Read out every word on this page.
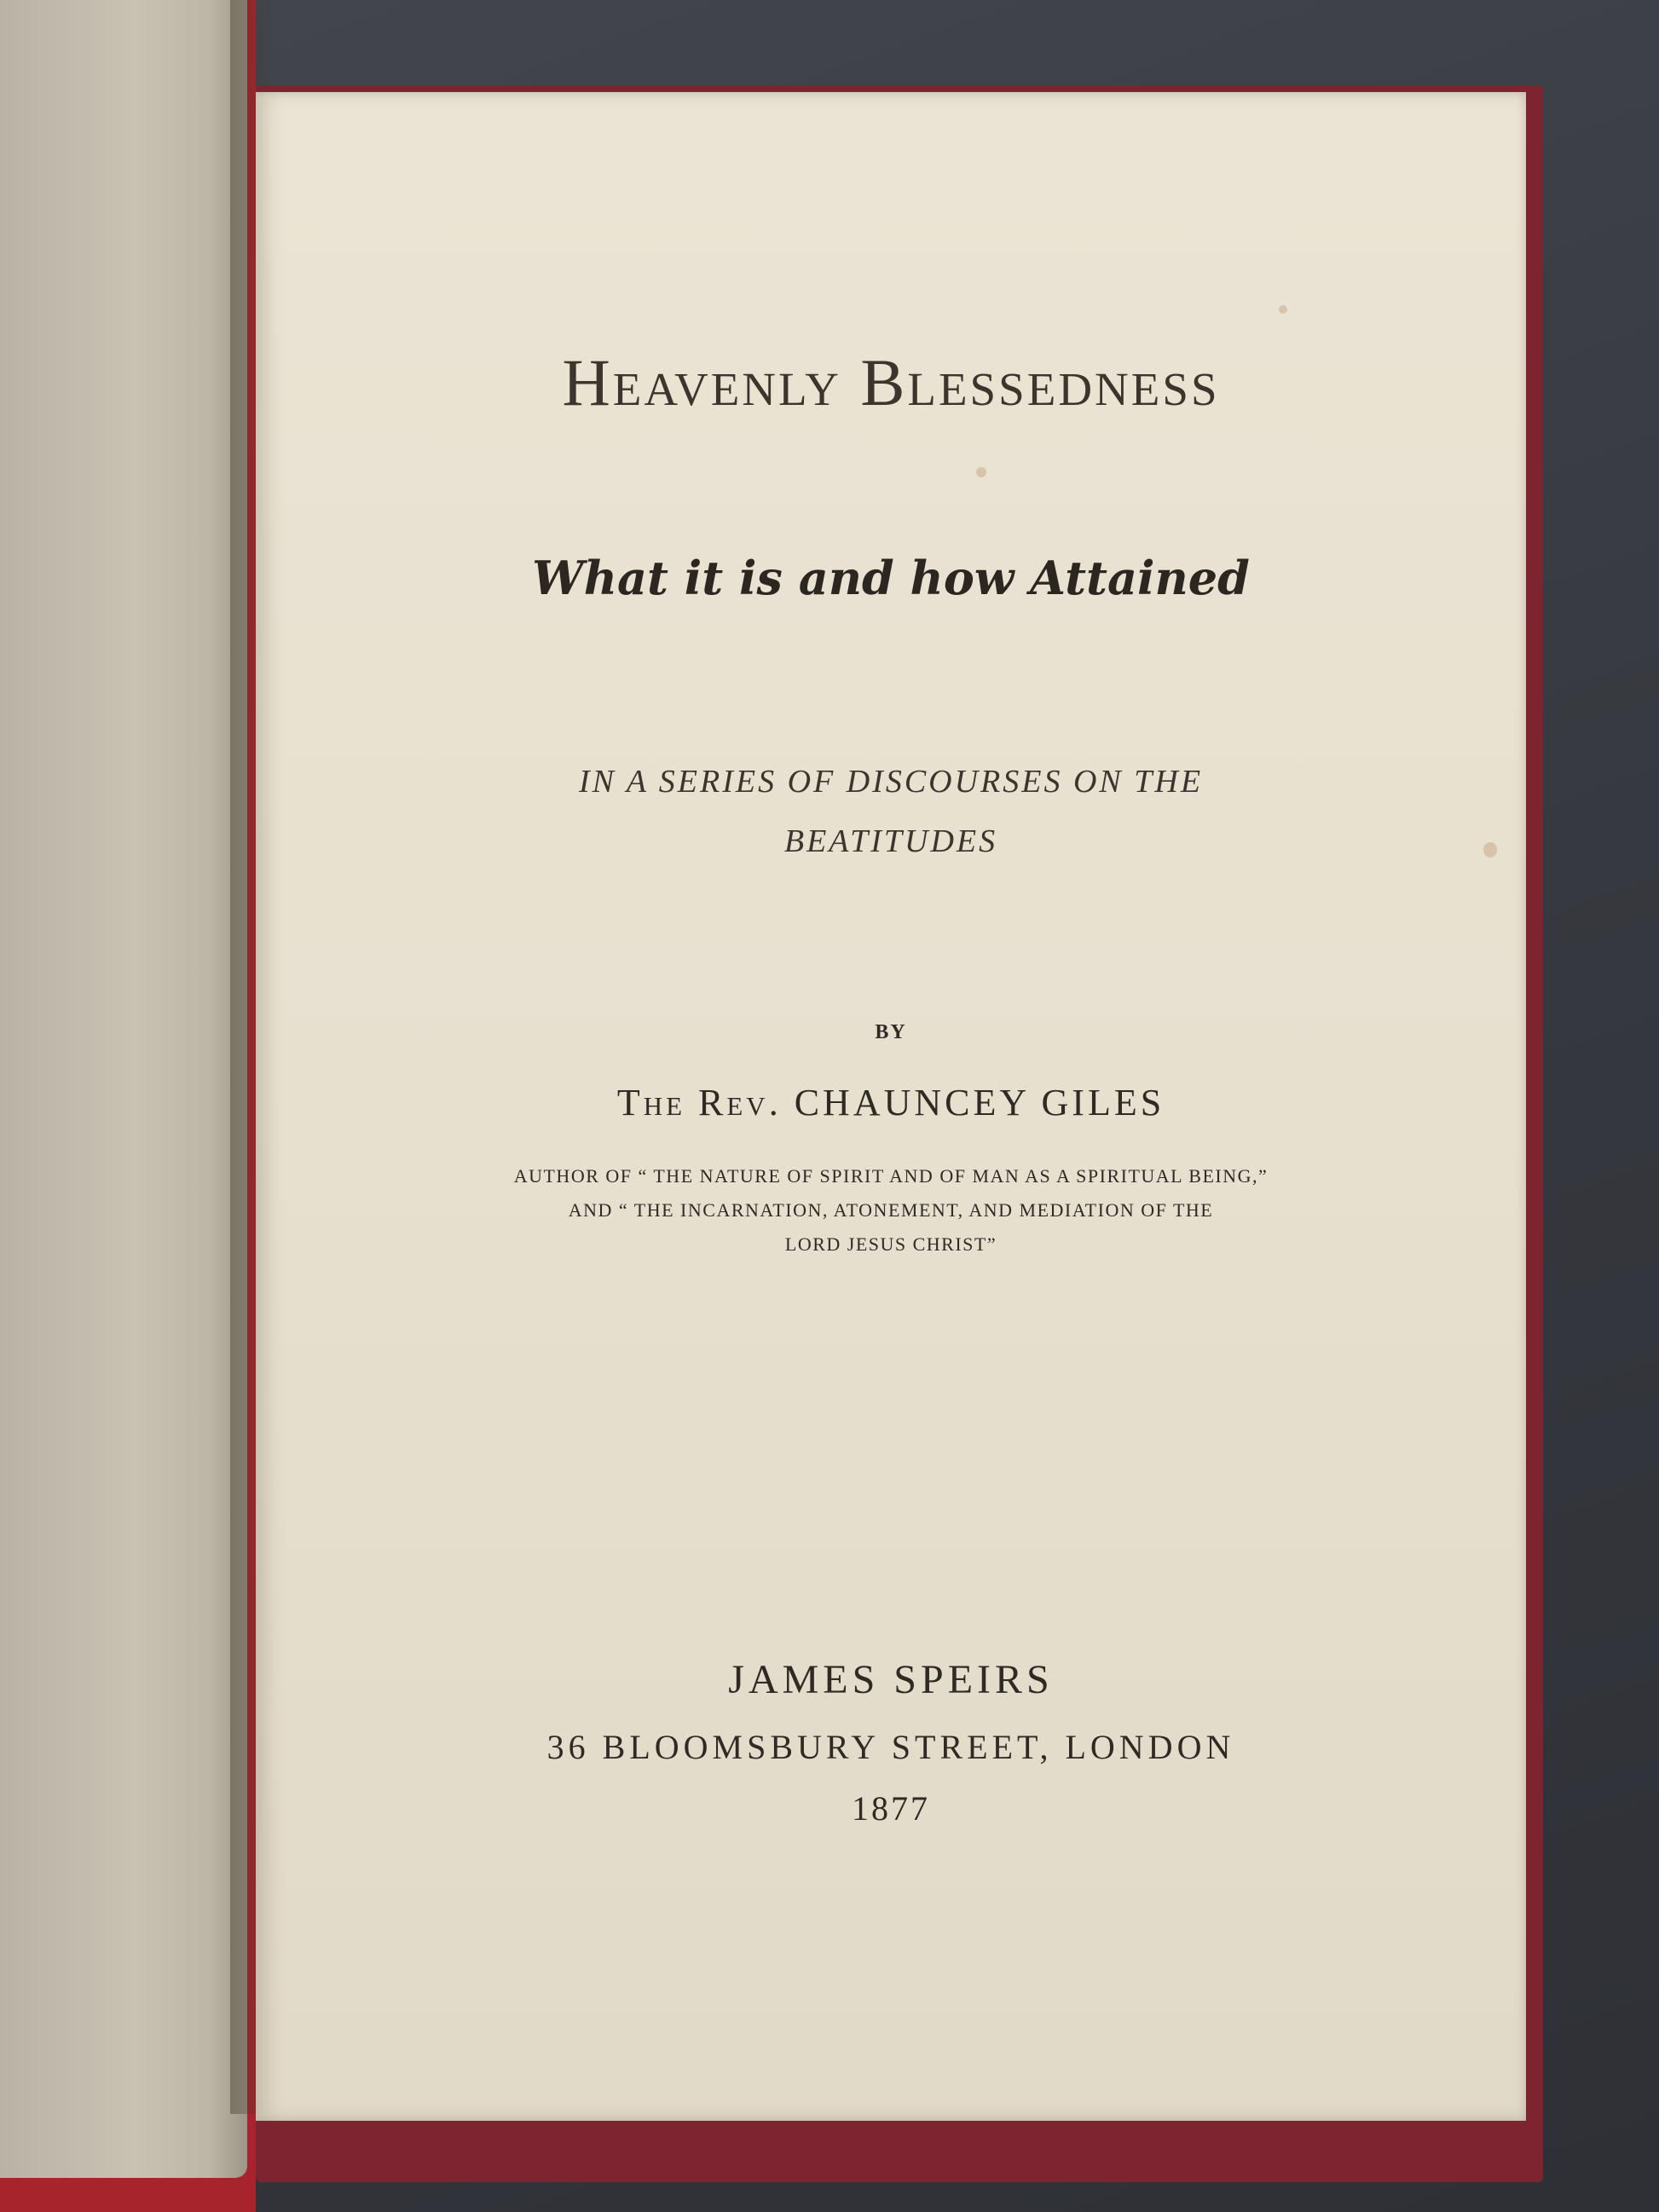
Heavenly Blessedness
What it is and how Attained
IN A SERIES OF DISCOURSES ON THE
BEATITUDES
BY
The Rev. CHAUNCEY GILES
AUTHOR OF “ THE NATURE OF SPIRIT AND OF MAN AS A SPIRITUAL BEING,”
AND “ THE INCARNATION, ATONEMENT, AND MEDIATION OF THE
LORD JESUS CHRIST”
JAMES SPEIRS
36 BLOOMSBURY STREET, LONDON
1877
